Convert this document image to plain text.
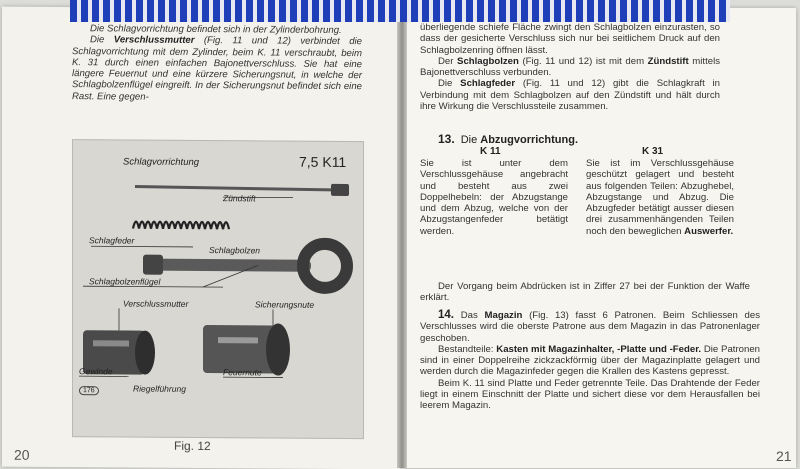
Die Schlagvorrichtung befindet sich in der Zylinderbohrung.

Die Verschlussmutter (Fig. 11 und 12) verbindet die Schlagvorrichtung mit dem Zylinder, beim K. 11 verschraubt, beim K. 31 durch einen einfachen Bajonettverschluss. Sie hat eine längere Feuernut und eine kürzere Sicherungsnut, in welche der Schlagbolzenflügel eingreift. In der Sicherungsnut befindet sich eine Rast. Eine gegen-

Schlagvorrichtung	7,5 K11
Zündstift
Schlagfeder
Schlagbolzen
Schlagbolzenflügel
Verschlussmutter	Sicherungsnute
Gewinde	Feuernute
Riegelführung
176
Fig. 12
20

überliegende schiefe Fläche zwingt den Schlagbolzen einzurasten, so dass der gesicherte Verschluss sich nur bei seitlichem Druck auf den Schlagbolzenring öffnen lässt.

Der Schlagbolzen (Fig. 11 und 12) ist mit dem Zündstift mittels Bajonettverschluss verbunden.

Die Schlagfeder (Fig. 11 und 12) gibt die Schlagkraft in Verbindung mit dem Schlagbolzen auf den Zündstift und hält durch ihre Wirkung die Verschlussteile zusammen.

13. Die Abzugvorrichtung.
K 11	K 31
Sie ist unter dem Verschlussgehäuse angebracht und besteht aus zwei Doppelhebeln: der Abzugstange und dem Abzug, welche von der Abzugstangenfeder betätigt werden.
Sie ist im Verschlussgehäuse geschützt gelagert und besteht aus folgenden Teilen: Abzughebel, Abzugstange und Abzug. Die Abzugfeder betätigt ausser diesen drei zusammenhängenden Teilen noch den beweglichen Auswerfer.

Der Vorgang beim Abdrücken ist in Ziffer 27 bei der Funktion der Waffe erklärt.

14. Das Magazin (Fig. 13) fasst 6 Patronen. Beim Schliessen des Verschlusses wird die oberste Patrone aus dem Magazin in das Patronenlager geschoben.

Bestandteile: Kasten mit Magazinhalter, -Platte und -Feder. Die Patronen sind in einer Doppelreihe zickzackförmig über der Magazinplatte gelagert und werden durch die Magazinfeder gegen die Krallen des Kastens gepresst.

Beim K. 11 sind Platte und Feder getrennte Teile. Das Drahtende der Feder liegt in einem Einschnitt der Platte und sichert diese vor dem Herausfallen bei leerem Magazin.

21
